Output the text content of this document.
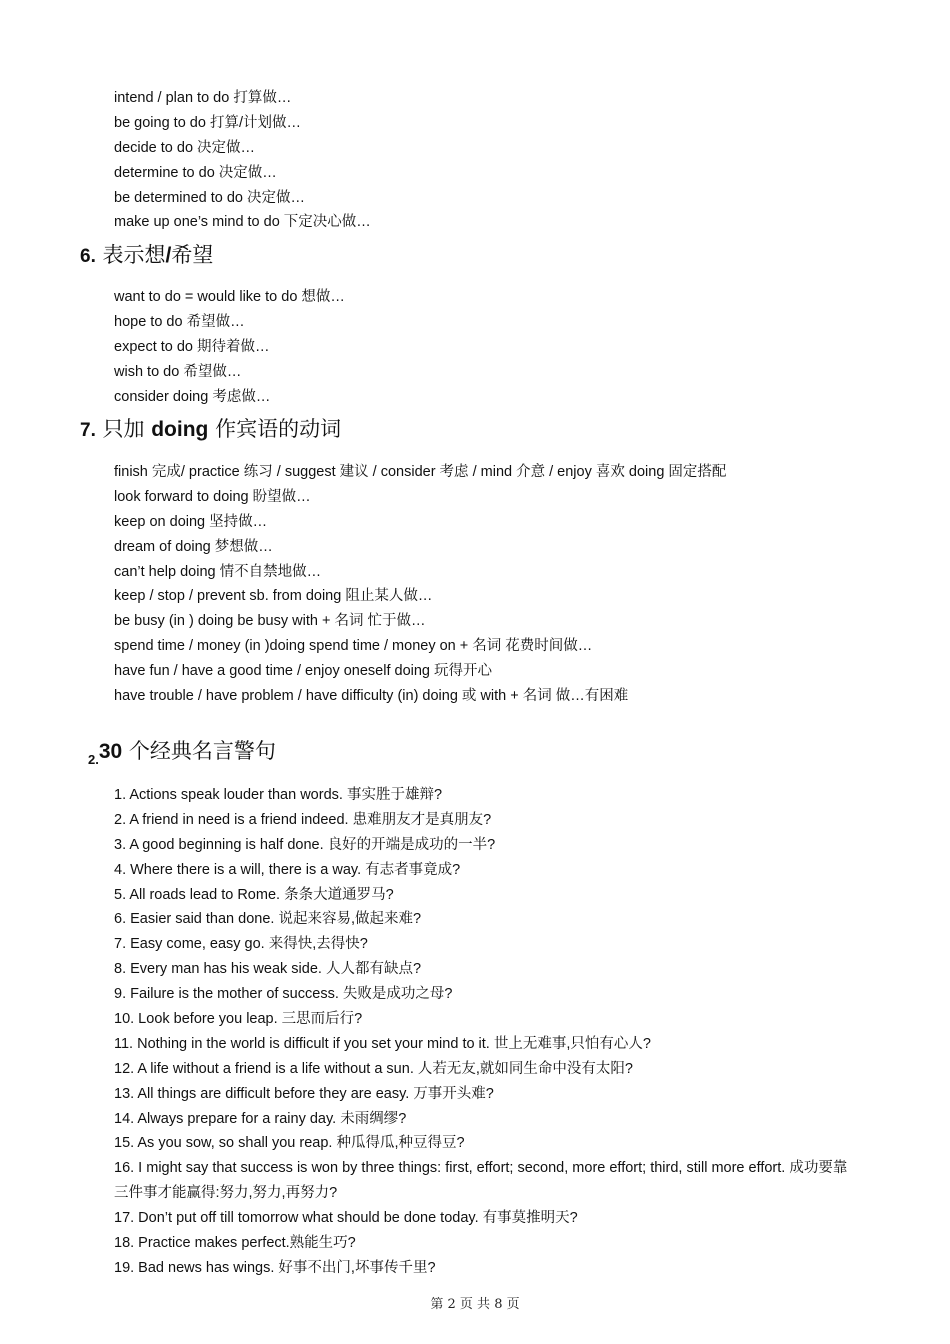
intend / plan to do 打算做…
be going to do 打算/计划做…
decide to do 决定做…
determine to do 决定做…
be determined to do 决定做…
make up one’s mind to do 下定决心做…
6. 表示想/希望
want to do = would like to do 想做…
hope to do 希望做…
expect to do 期待着做…
wish to do 希望做…
consider doing 考虑做…
7. 只加 doing 作宾语的动词
finish 完成/ practice 练习 / suggest 建议 / consider 考虑 / mind 介意 / enjoy 喜欢 doing 固定搭配
look forward to doing 盼望做…
keep on doing 坚持做…
dream of doing 梦想做…
can’t help doing 情不自禁地做…
keep / stop / prevent sb. from doing 阻止某人做…
be busy (in ) doing be busy with + 名词 忙于做…
spend time / money (in )doing spend time / money on + 名词 花费时间做…
have fun / have a good time / enjoy oneself doing 玩得开心
have trouble / have problem / have difficulty (in) doing 或 with + 名词 做…有困难
$_{2.}$30 个经典名言警句
1. Actions speak louder than words. 事实胜于雄辩?
2. A friend in need is a friend indeed. 患难朋友才是真朋友?
3. A good beginning is half done. 良好的开端是成功的一半?
4. Where there is a will, there is a way. 有志者事竟成?
5. All roads lead to Rome. 条条大道通罗马?
6. Easier said than done. 说起来容易,做起来难?
7. Easy come, easy go. 来得快,去得快?
8. Every man has his weak side. 人人都有缺点?
9. Failure is the mother of success. 失败是成功之母?
10. Look before you leap. 三思而后行?
11. Nothing in the world is difficult if you set your mind to it. 世上无难事,只怕有心人?
12. A life without a friend is a life without a sun. 人若无友,就如同生命中没有太阳?
13. All things are difficult before they are easy. 万事开头难?
14. Always prepare for a rainy day. 未雨绸缪?
15. As you sow, so shall you reap. 种瓜得瓜,种豆得豆?
16. I might say that success is won by three things: first, effort; second, more effort; third, still more effort. 成功要靠三件事才能赢得:努力,努力,再努力?
17. Don’t put off till tomorrow what should be done today. 有事莫推明天?
18. Practice makes perfect.熟能生巧?
19. Bad news has wings. 好事不出门,坏事传千里?
第 2 页 共 8 页
